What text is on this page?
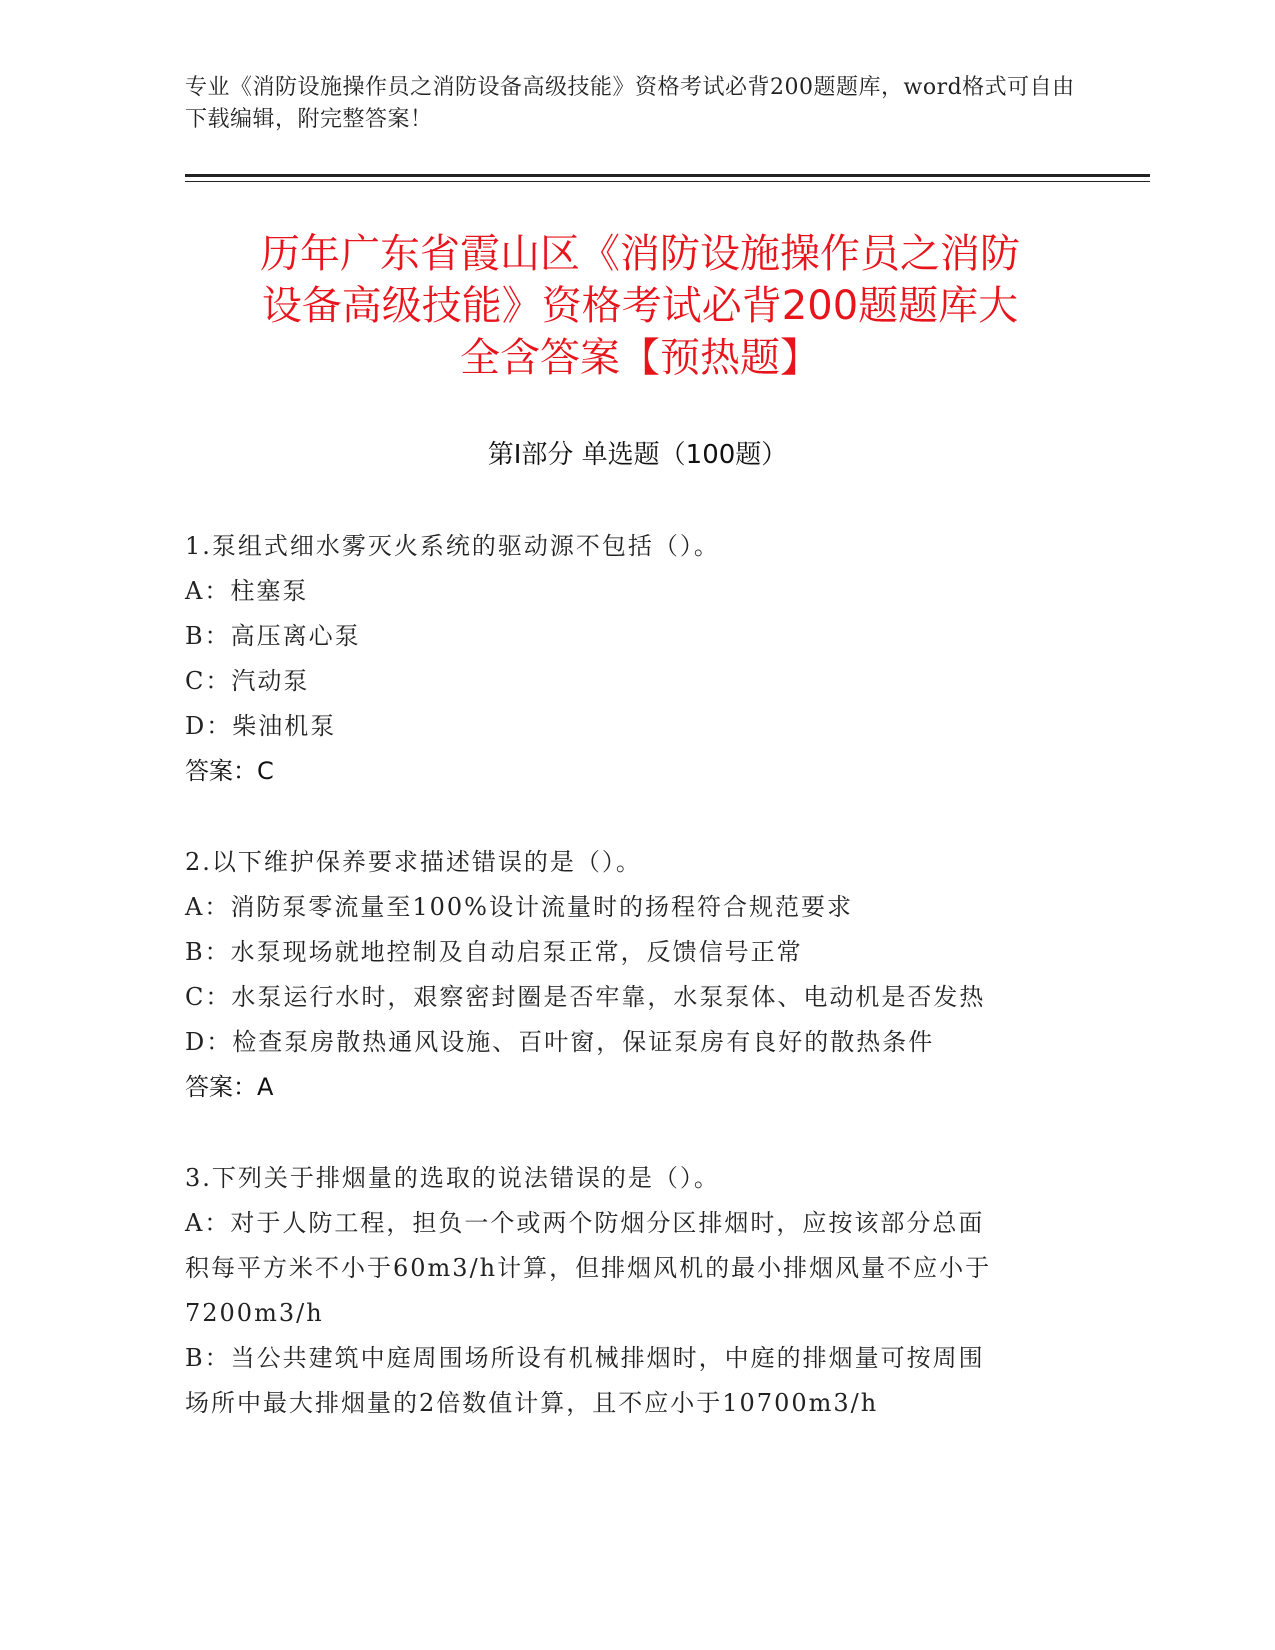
专业《消防设施操作员之消防设备高级技能》资格考试必背200题题库，word格式可自由下载编辑，附完整答案！
历年广东省霞山区《消防设施操作员之消防
设备高级技能》资格考试必背200题题库大
全含答案【预热题】
第Ⅰ部分 单选题（100题）
1.泵组式细水雾灭火系统的驱动源不包括（）。
A：柱塞泵
B：高压离心泵
C：汽动泵
D：柴油机泵
答案：C
2.以下维护保养要求描述错误的是（）。
A：消防泵零流量至100%设计流量时的扬程符合规范要求
B：水泵现场就地控制及自动启泵正常，反馈信号正常
C：水泵运行水时，艰察密封圈是否牢靠，水泵泵体、电动机是否发热
D：检查泵房散热通风设施、百叶窗，保证泵房有良好的散热条件
答案：A
3.下列关于排烟量的选取的说法错误的是（）。
A：对于人防工程，担负一个或两个防烟分区排烟时，应按该部分总面
积每平方米不小于60m3/h计算，但排烟风机的最小排烟风量不应小于
7200m3/h
B：当公共建筑中庭周围场所设有机械排烟时，中庭的排烟量可按周围
场所中最大排烟量的2倍数值计算，且不应小于10700m3/h
